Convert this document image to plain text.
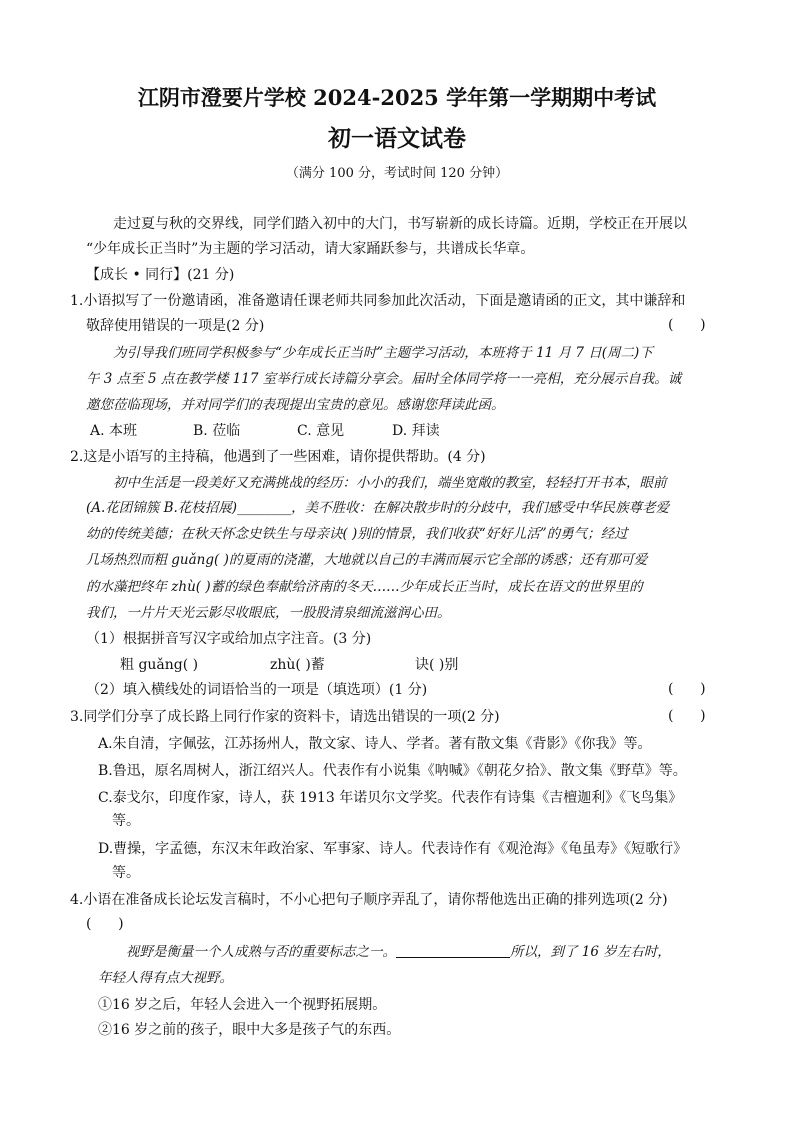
江阴市澄要片学校 2024-2025 学年第一学期期中考试
初一语文试卷
（满分 100 分，考试时间 120 分钟）
走过夏与秋的交界线，同学们踏入初中的大门，书写崭新的成长诗篇。近期，学校正在开展以
“少年成长正当时”为主题的学习活动，请大家踊跃参与，共谱成长华章。
【成长 • 同行】(21 分)
1.小语拟写了一份邀请函，准备邀请任课老师共同参加此次活动，下面是邀请函的正文，其中谦辞和
敬辞使用错误的一项是(2 分)	(      )
为引导我们班同学积极参与“少年成长正当时”主题学习活动，本班将于 11 月 7 日(周二)下
午 3 点至 5 点在教学楼 117 室举行成长诗篇分享会。届时全体同学将一一亮相，充分展示自我。诚
邀您莅临现场，并对同学们的表现提出宝贵的意见。感谢您拜读此函。
A. 本班	B. 莅临	C. 意见	D. 拜读
2.这是小语写的主持稿，他遇到了一些困难，请你提供帮助。(4 分)
初中生活是一段美好又充满挑战的经历：小小的我们，端坐宽敞的教室，轻轻打开书本，眼前
(A.花团锦簇 B.花枝招展)________，美不胜收：在解决散步时的分歧中，我们感受中华民族尊老爱
幼的传统美德；在秋天怀念史铁生与母亲诀( )别的情景，我们收获“好好儿活”的勇气；经过
几场热烈而粗 guǎng( )的夏雨的浇灌，大地就以自己的丰满而展示它全部的诱惑；还有那可爱
的水藻把终年 zhù( )蓄的绿色奉献给济南的冬天……少年成长正当时，成长在语文的世界里的
我们，一片片天光云影尽收眼底，一股股清泉细流滋润心田。
（1）根据拼音写汉字或给加点字注音。(3 分)
粗 guǎng( )	zhù( )蓄	诀( )别
（2）填入横线处的词语恰当的一项是（填选项）(1 分)	(      )
3.同学们分享了成长路上同行作家的资料卡，请选出错误的一项(2 分)	(      )
A.朱自清，字佩弦，江苏扬州人，散文家、诗人、学者。著有散文集《背影》《你我》等。
B.鲁迅，原名周树人，浙江绍兴人。代表作有小说集《呐喊》《朝花夕拾》、散文集《野草》等。
C.泰戈尔，印度作家，诗人，获 1913 年诺贝尔文学奖。代表作有诗集《吉檀迦利》《飞鸟集》
等。
D.曹操，字孟德，东汉末年政治家、军事家、诗人。代表诗作有《观沧海》《龟虽寿》《短歌行》
等。
4.小语在准备成长论坛发言稿时，不小心把句子顺序弄乱了，请你帮他选出正确的排列选项(2 分)
(      )
视野是衡量一个人成熟与否的重要标志之一。	所以，到了 16 岁左右时，
年轻人得有点大视野。
①16 岁之后，年轻人会进入一个视野拓展期。
②16 岁之前的孩子，眼中大多是孩子气的东西。
